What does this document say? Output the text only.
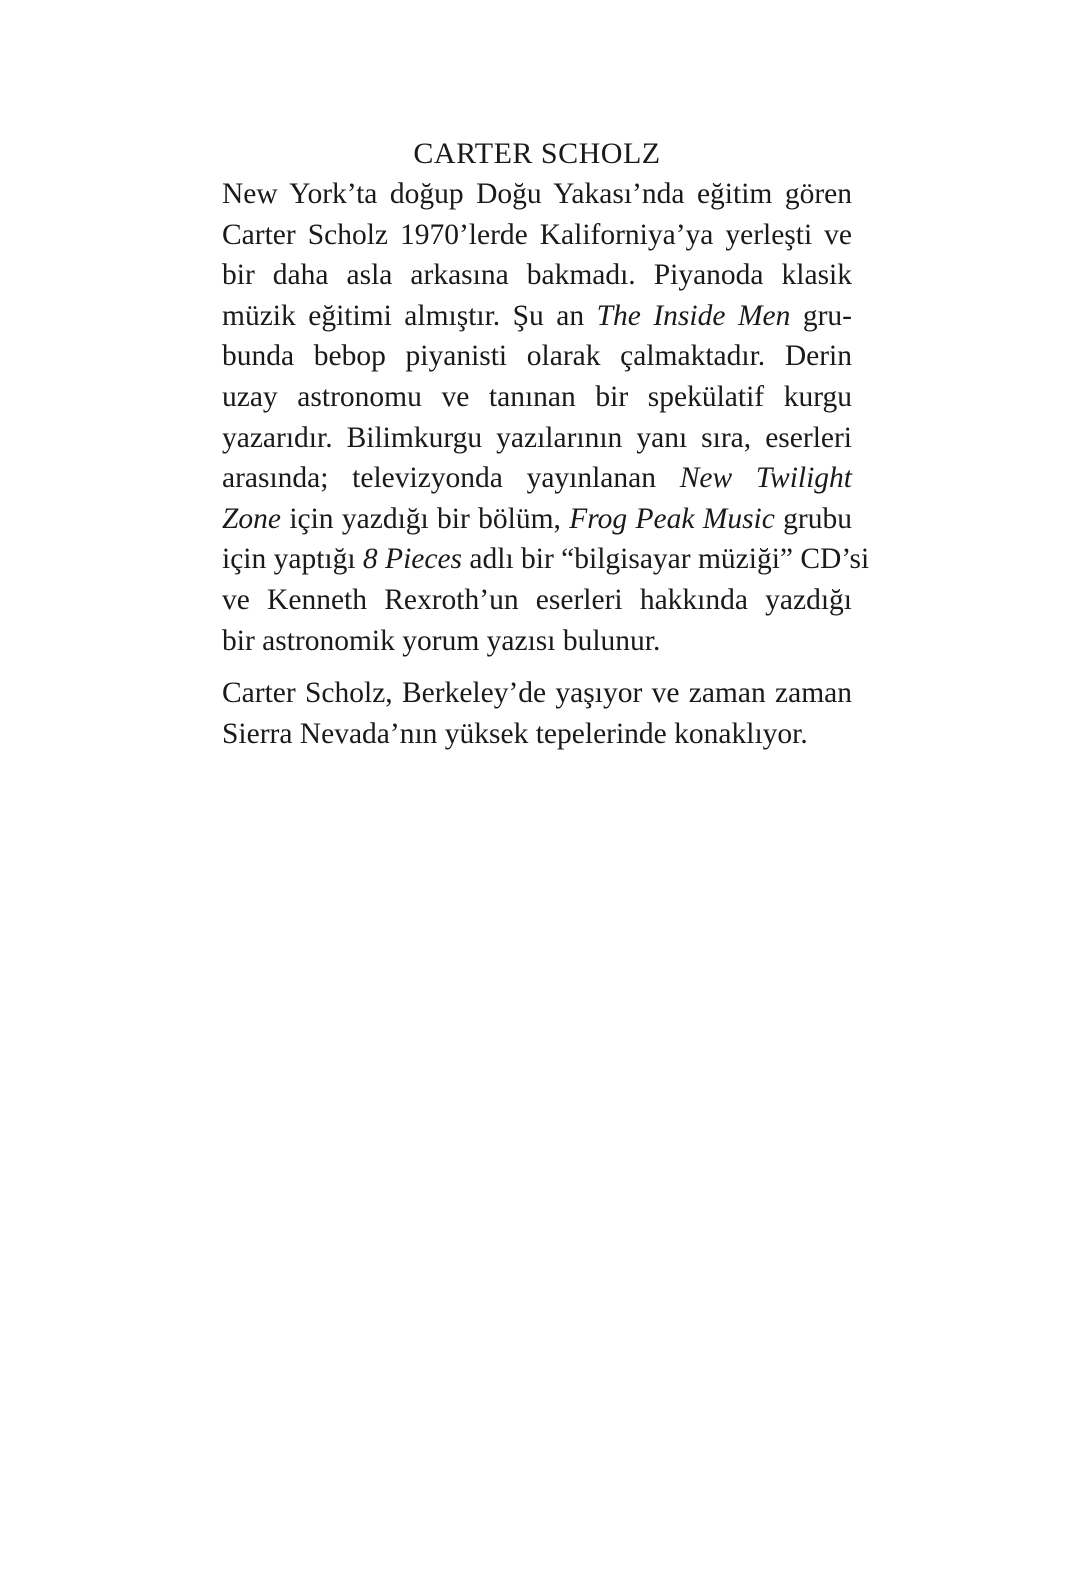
CARTER SCHOLZ

New York’ta doğup Doğu Yakası’nda eğitim gören
Carter Scholz 1970’lerde Kaliforniya’ya yerleşti ve
bir daha asla arkasına bakmadı. Piyanoda klasik
müzik eğitimi almıştır. Şu an The Inside Men gru-
bunda bebop piyanisti olarak çalmaktadır. Derin
uzay astronomu ve tanınan bir spekülatif kurgu
yazarıdır. Bilimkurgu yazılarının yanı sıra, eserleri
arasında; televizyonda yayınlanan New Twilight
Zone için yazdığı bir bölüm, Frog Peak Music grubu
için yaptığı 8 Pieces adlı bir “bilgisayar müziği” CD’si
ve Kenneth Rexroth’un eserleri hakkında yazdığı
bir astronomik yorum yazısı bulunur.

Carter Scholz, Berkeley’de yaşıyor ve zaman zaman
Sierra Nevada’nın yüksek tepelerinde konaklıyor.
